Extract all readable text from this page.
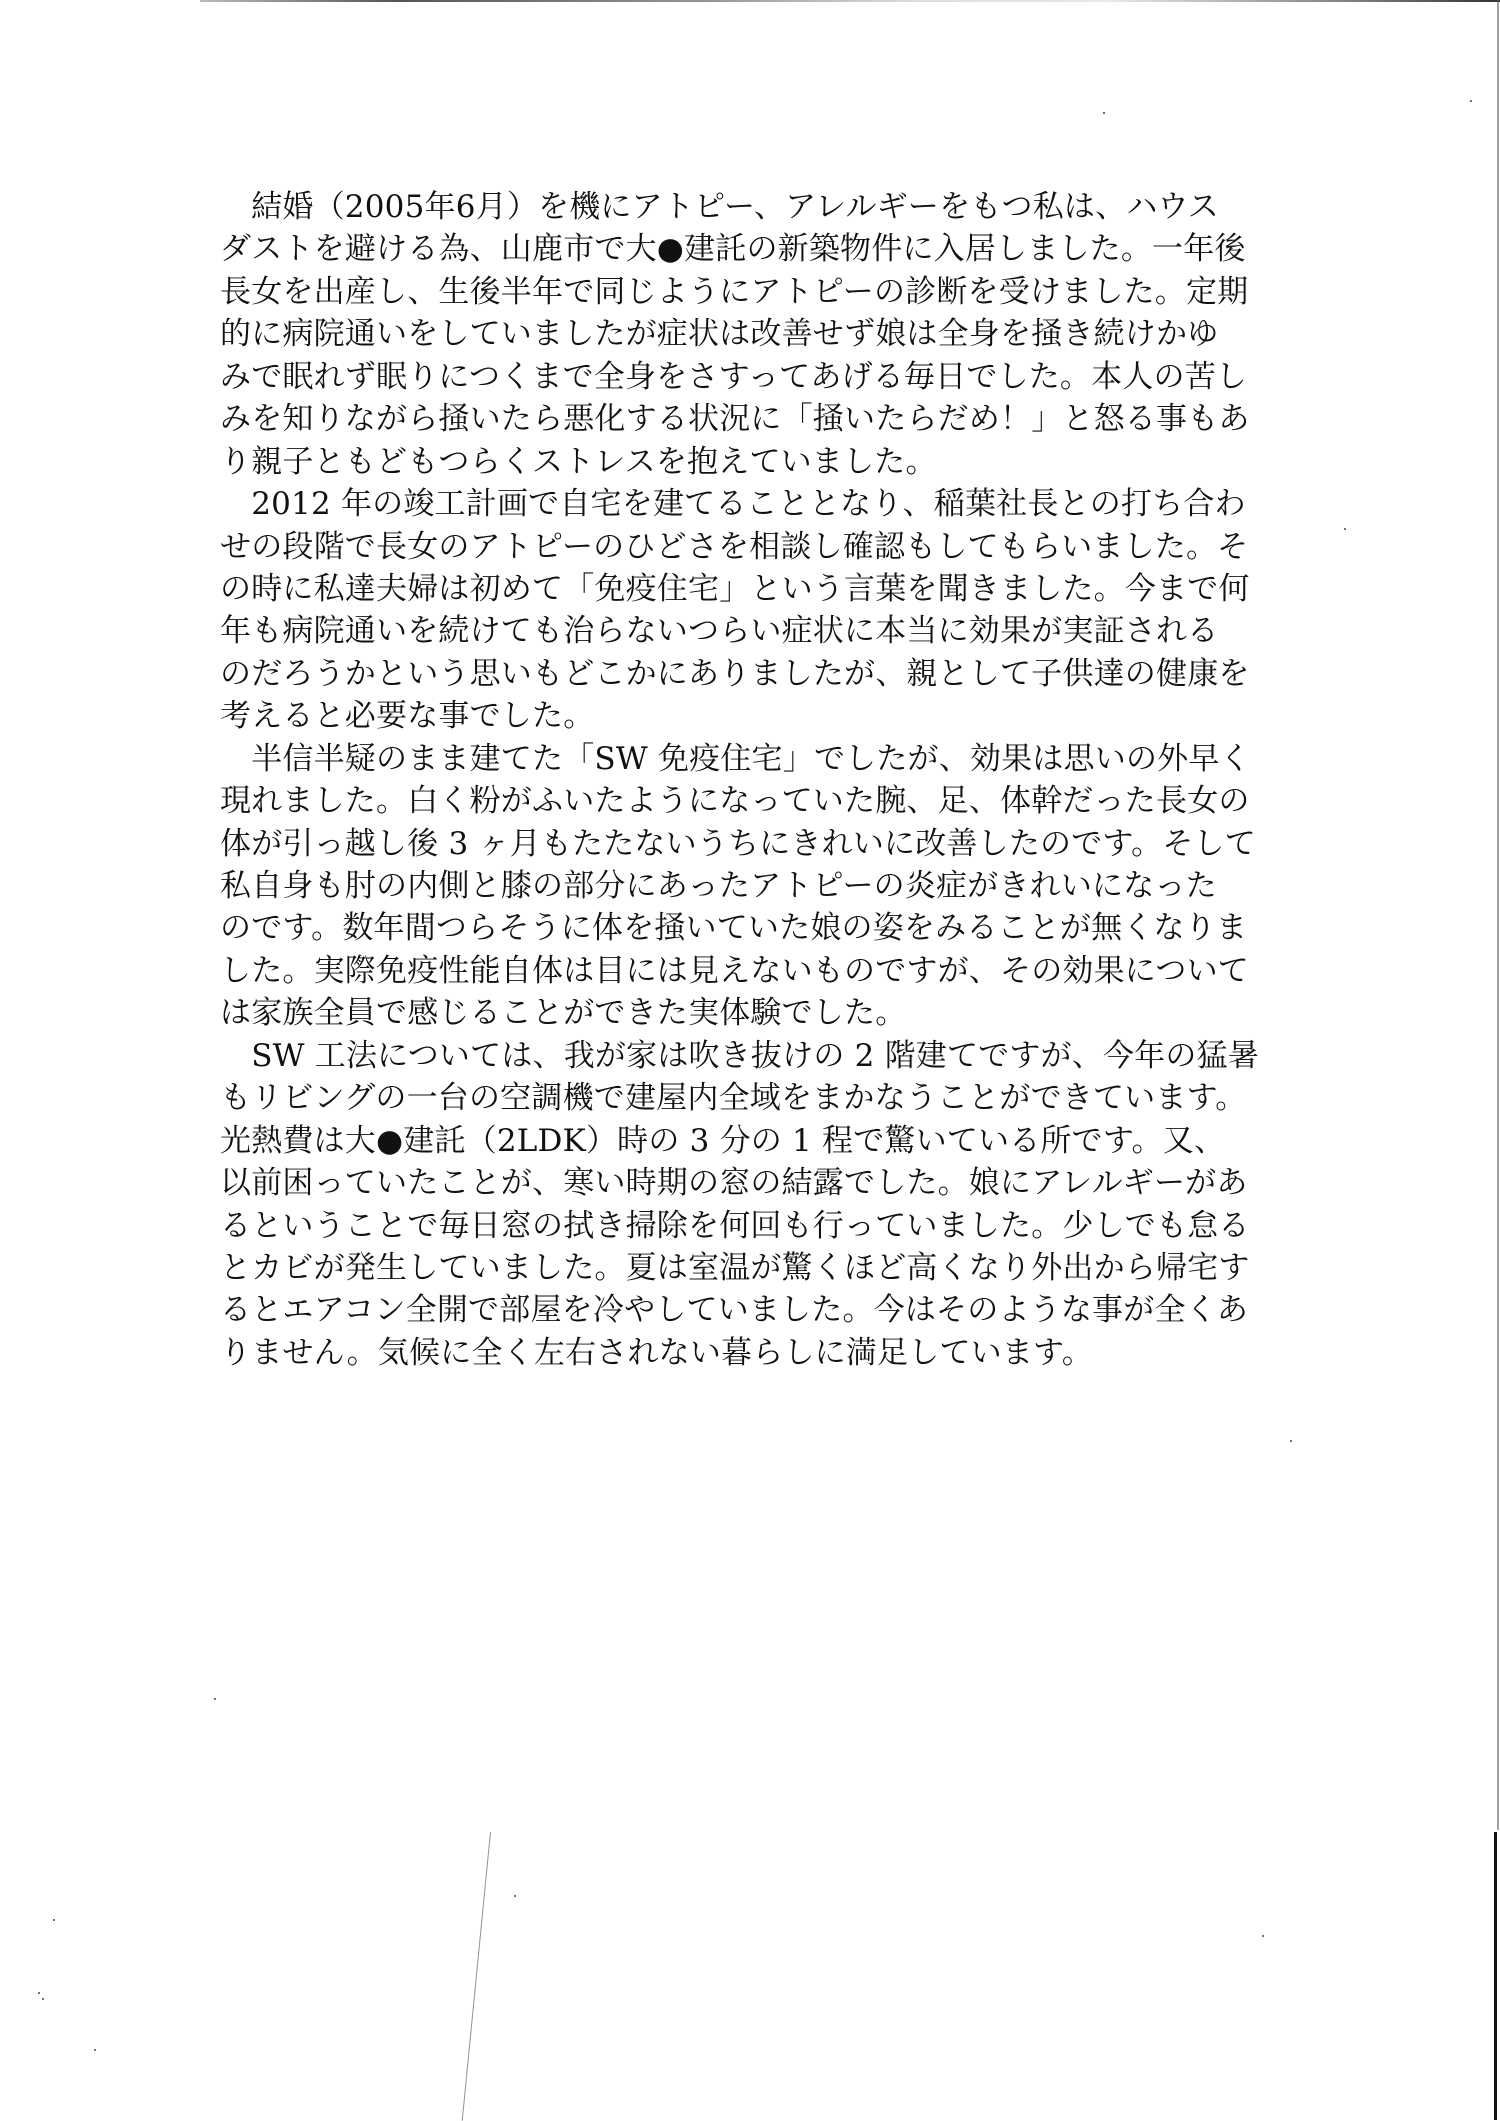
　結婚（2005年6月）を機にアトピー、アレルギーをもつ私は、ハウス
ダストを避ける為、山鹿市で大●建託の新築物件に入居しました。一年後
長女を出産し、生後半年で同じようにアトピーの診断を受けました。定期
的に病院通いをしていましたが症状は改善せず娘は全身を掻き続けかゆ
みで眠れず眠りにつくまで全身をさすってあげる毎日でした。本人の苦し
みを知りながら掻いたら悪化する状況に「掻いたらだめ！」と怒る事もあ
り親子ともどもつらくストレスを抱えていました。
　2012 年の竣工計画で自宅を建てることとなり、稲葉社長との打ち合わ
せの段階で長女のアトピーのひどさを相談し確認もしてもらいました。そ
の時に私達夫婦は初めて「免疫住宅」という言葉を聞きました。今まで何
年も病院通いを続けても治らないつらい症状に本当に効果が実証される
のだろうかという思いもどこかにありましたが、親として子供達の健康を
考えると必要な事でした。
　半信半疑のまま建てた「SW 免疫住宅」でしたが、効果は思いの外早く
現れました。白く粉がふいたようになっていた腕、足、体幹だった長女の
体が引っ越し後 3 ヶ月もたたないうちにきれいに改善したのです。そして
私自身も肘の内側と膝の部分にあったアトピーの炎症がきれいになった
のです。数年間つらそうに体を掻いていた娘の姿をみることが無くなりま
した。実際免疫性能自体は目には見えないものですが、その効果について
は家族全員で感じることができた実体験でした。
　SW 工法については、我が家は吹き抜けの 2 階建てですが、今年の猛暑
もリビングの一台の空調機で建屋内全域をまかなうことができています。
光熱費は大●建託（2LDK）時の 3 分の 1 程で驚いている所です。又、
以前困っていたことが、寒い時期の窓の結露でした。娘にアレルギーがあ
るということで毎日窓の拭き掃除を何回も行っていました。少しでも怠る
とカビが発生していました。夏は室温が驚くほど高くなり外出から帰宅す
るとエアコン全開で部屋を冷やしていました。今はそのような事が全くあ
りません。気候に全く左右されない暮らしに満足しています。
